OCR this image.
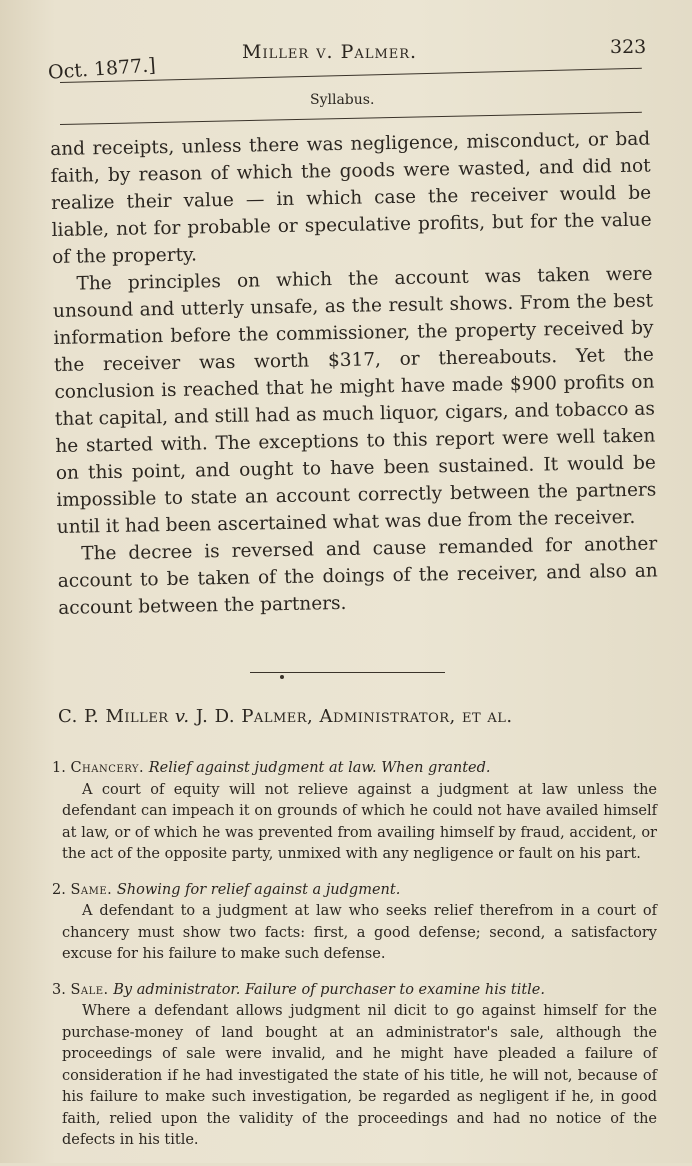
Oct. 1877.]
Miller v. Palmer.	323
Syllabus.

and receipts, unless there was negligence, misconduct, or bad faith, by reason of which the goods were wasted, and did not realize their value — in which case the receiver would be liable, not for probable or speculative profits, but for the value of the property.

The principles on which the account was taken were unsound and utterly unsafe, as the result shows. From the best information before the commissioner, the property received by the receiver was worth $317, or thereabouts. Yet the conclusion is reached that he might have made $900 profits on that capital, and still had as much liquor, cigars, and tobacco as he started with. The exceptions to this report were well taken on this point, and ought to have been sustained. It would be impossible to state an account correctly between the partners until it had been ascertained what was due from the receiver.

The decree is reversed and cause remanded for another account to be taken of the doings of the receiver, and also an account between the partners.

C. P. Miller v. J. D. Palmer, Administrator, et al.
1. Chancery. Relief against judgment at law. When granted.
A court of equity will not relieve against a judgment at law unless the defendant can impeach it on grounds of which he could not have availed himself at law, or of which he was prevented from availing himself by fraud, accident, or the act of the opposite party, unmixed with any negligence or fault on his part.
2. Same. Showing for relief against a judgment.
A defendant to a judgment at law who seeks relief therefrom in a court of chancery must show two facts: first, a good defense; second, a satisfactory excuse for his failure to make such defense.
3. Sale. By administrator. Failure of purchaser to examine his title.
Where a defendant allows judgment nil dicit to go against himself for the purchase-money of land bought at an administrator's sale, although the proceedings of sale were invalid, and he might have pleaded a failure of consideration if he had investigated the state of his title, he will not, because of his failure to make such investigation, be regarded as negligent if he, in good faith, relied upon the validity of the proceedings and had no notice of the defects in his title.
